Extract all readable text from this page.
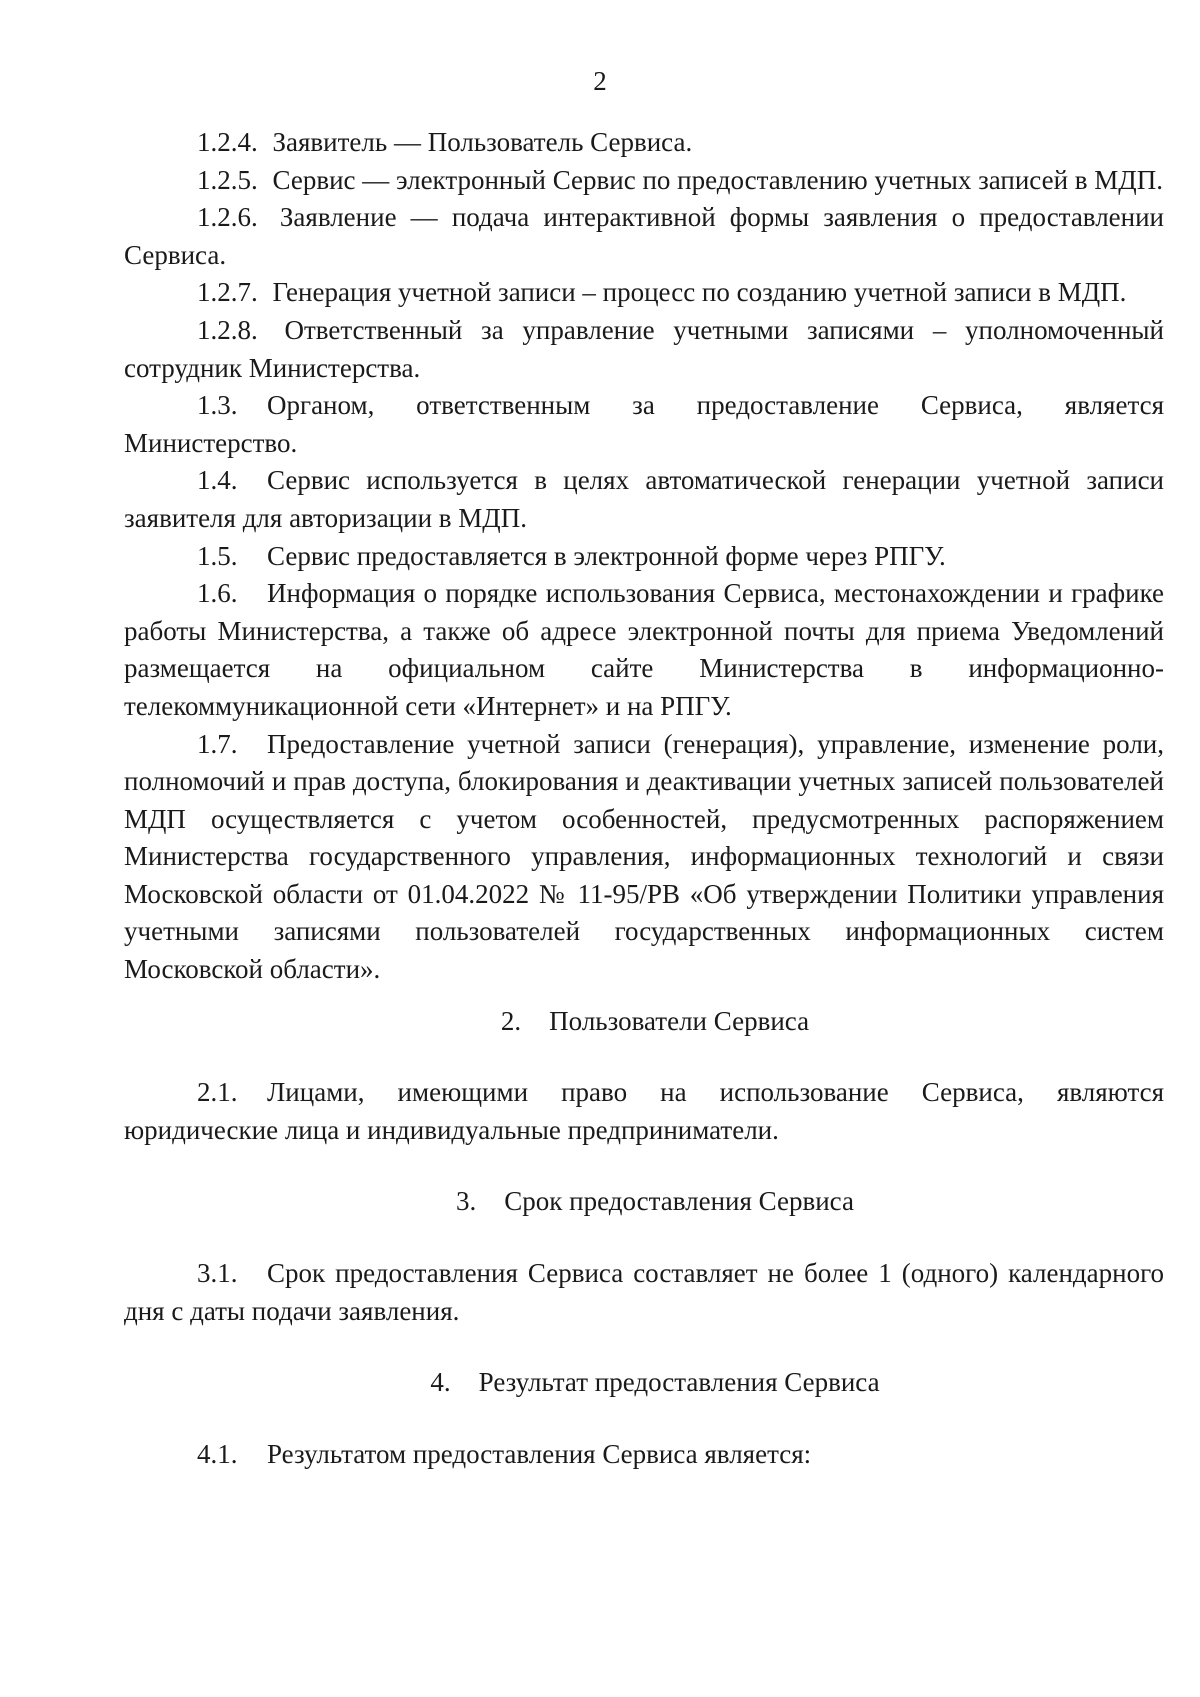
2

1.2.4. Заявитель — Пользователь Сервиса.

1.2.5. Сервис — электронный Сервис по предоставлению учетных записей в МДП.

1.2.6. Заявление — подача интерактивной формы заявления о предоставлении Сервиса.

1.2.7. Генерация учетной записи – процесс по созданию учетной записи в МДП.

1.2.8. Ответственный за управление учетными записями – уполномоченный сотрудник Министерства.

1.3. Органом, ответственным за предоставление Сервиса, является Министерство.

1.4. Сервис используется в целях автоматической генерации учетной записи заявителя для авторизации в МДП.

1.5. Сервис предоставляется в электронной форме через РПГУ.

1.6. Информация о порядке использования Сервиса, местонахождении и графике работы Министерства, а также об адресе электронной почты для приема Уведомлений размещается на официальном сайте Министерства в информационно-телекоммуникационной сети «Интернет» и на РПГУ.

1.7. Предоставление учетной записи (генерация), управление, изменение роли, полномочий и прав доступа, блокирования и деактивации учетных записей пользователей МДП осуществляется с учетом особенностей, предусмотренных распоряжением Министерства государственного управления, информационных технологий и связи Московской области от 01.04.2022 № 11-95/РВ «Об утверждении Политики управления учетными записями пользователей государственных информационных систем Московской области».

2. Пользователи Сервиса

2.1. Лицами, имеющими право на использование Сервиса, являются юридические лица и индивидуальные предприниматели.

3. Срок предоставления Сервиса

3.1. Срок предоставления Сервиса составляет не более 1 (одного) календарного дня с даты подачи заявления.

4. Результат предоставления Сервиса

4.1. Результатом предоставления Сервиса является:
